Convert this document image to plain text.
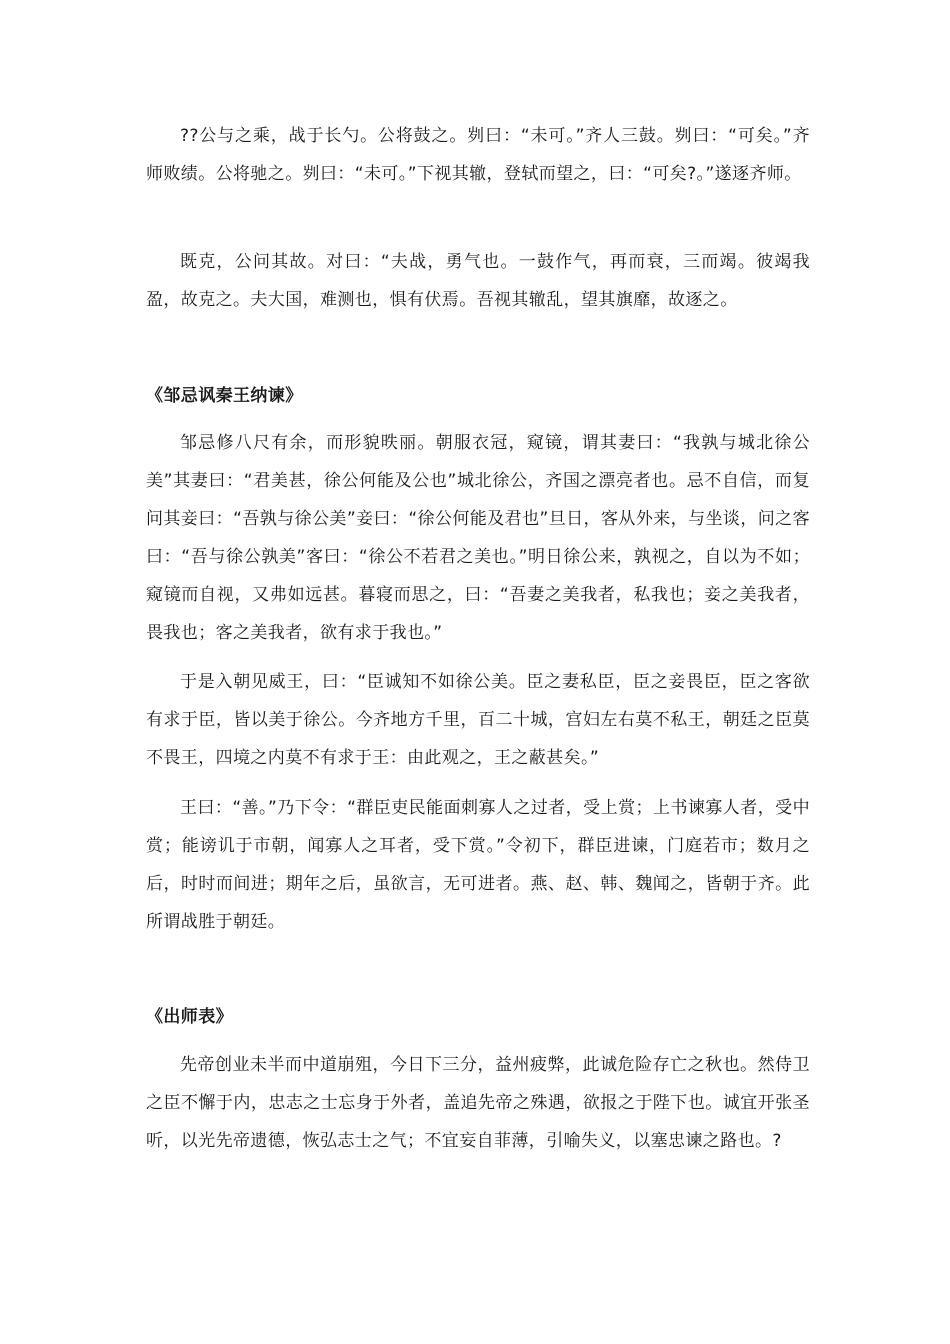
??公与之乘，战于长勺。公将鼓之。刿曰：“未可。”齐人三鼓。刿曰：“可矣。”齐师败绩。公将驰之。刿曰：“未可。”下视其辙，登轼而望之，曰：“可矣?。”遂逐齐师。

既克，公问其故。对曰：“夫战，勇气也。一鼓作气，再而衰，三而竭。彼竭我盈，故克之。夫大国，难测也，惧有伏焉。吾视其辙乱，望其旗靡，故逐之。

《邹忌讽秦王纳谏》

邹忌修八尺有余，而形貌昳丽。朝服衣冠，窥镜，谓其妻曰：“我孰与城北徐公美”其妻曰：“君美甚，徐公何能及公也”城北徐公，齐国之漂亮者也。忌不自信，而复问其妾曰：“吾孰与徐公美”妾曰：“徐公何能及君也”旦日，客从外来，与坐谈，问之客曰：“吾与徐公孰美”客曰：“徐公不若君之美也。”明日徐公来，孰视之，自以为不如；窥镜而自视，又弗如远甚。暮寝而思之，曰：“吾妻之美我者，私我也；妾之美我者，畏我也；客之美我者，欲有求于我也。”

于是入朝见威王，曰：“臣诚知不如徐公美。臣之妻私臣，臣之妾畏臣，臣之客欲有求于臣，皆以美于徐公。今齐地方千里，百二十城，宫妇左右莫不私王，朝廷之臣莫不畏王，四境之内莫不有求于王：由此观之，王之蔽甚矣。”

王曰：“善。”乃下令：“群臣吏民能面刺寡人之过者，受上赏；上书谏寡人者，受中赏；能谤讥于市朝，闻寡人之耳者，受下赏。”令初下，群臣进谏，门庭若市；数月之后，时时而间进；期年之后，虽欲言，无可进者。燕、赵、韩、魏闻之，皆朝于齐。此所谓战胜于朝廷。

《出师表》

先帝创业未半而中道崩殂，今日下三分，益州疲弊，此诚危险存亡之秋也。然侍卫之臣不懈于内，忠志之士忘身于外者，盖追先帝之殊遇，欲报之于陛下也。诚宜开张圣听，以光先帝遗德，恢弘志士之气；不宜妄自菲薄，引喻失义，以塞忠谏之路也。?
